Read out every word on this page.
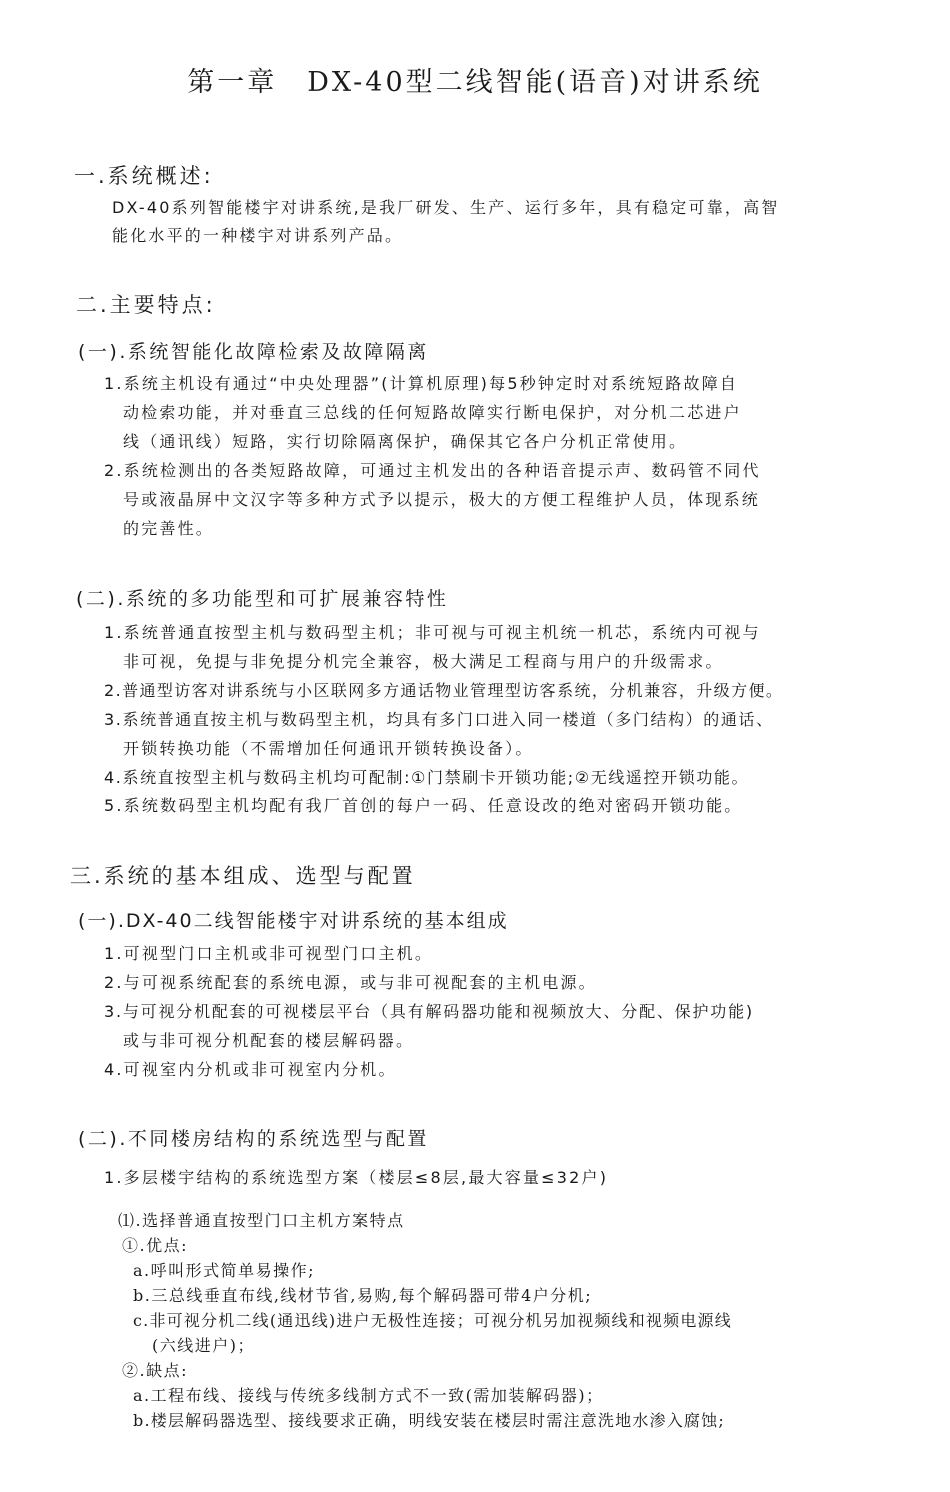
第一章　DX-40型二线智能(语音)对讲系统
一.系统概述:
DX-40系列智能楼宇对讲系统,是我厂研发、生产、运行多年，具有稳定可靠，高智
能化水平的一种楼宇对讲系列产品。
二.主要特点:
(一).系统智能化故障检索及故障隔离
1.系统主机设有通过“中央处理器”(计算机原理)每5秒钟定时对系统短路故障自
动检索功能，并对垂直三总线的任何短路故障实行断电保护，对分机二芯进户
线（通讯线）短路，实行切除隔离保护，确保其它各户分机正常使用。
2.系统检测出的各类短路故障，可通过主机发出的各种语音提示声、数码管不同代
号或液晶屏中文汉字等多种方式予以提示，极大的方便工程维护人员，体现系统
的完善性。
(二).系统的多功能型和可扩展兼容特性
1.系统普通直按型主机与数码型主机；非可视与可视主机统一机芯，系统内可视与
非可视，免提与非免提分机完全兼容，极大满足工程商与用户的升级需求。
2.普通型访客对讲系统与小区联网多方通话物业管理型访客系统，分机兼容，升级方便。
3.系统普通直按主机与数码型主机，均具有多门口进入同一楼道（多门结构）的通话、
开锁转换功能（不需增加任何通讯开锁转换设备）。
4.系统直按型主机与数码主机均可配制:①门禁刷卡开锁功能;②无线遥控开锁功能。
5.系统数码型主机均配有我厂首创的每户一码、任意设改的绝对密码开锁功能。
三.系统的基本组成、选型与配置
(一).DX-40二线智能楼宇对讲系统的基本组成
1.可视型门口主机或非可视型门口主机。
2.与可视系统配套的系统电源，或与非可视配套的主机电源。
3.与可视分机配套的可视楼层平台（具有解码器功能和视频放大、分配、保护功能)
或与非可视分机配套的楼层解码器。
4.可视室内分机或非可视室内分机。
(二).不同楼房结构的系统选型与配置
1.多层楼宇结构的系统选型方案（楼层≤8层,最大容量≤32户)
⑴.选择普通直按型门口主机方案特点
①.优点:
a.呼叫形式简单易操作;
b.三总线垂直布线,线材节省,易购,每个解码器可带4户分机;
c.非可视分机二线(通迅线)进户无极性连接；可视分机另加视频线和视频电源线
(六线进户)；
②.缺点:
a.工程布线、接线与传统多线制方式不一致(需加装解码器)；
b.楼层解码器选型、接线要求正确，明线安装在楼层时需注意洗地水渗入腐蚀;
